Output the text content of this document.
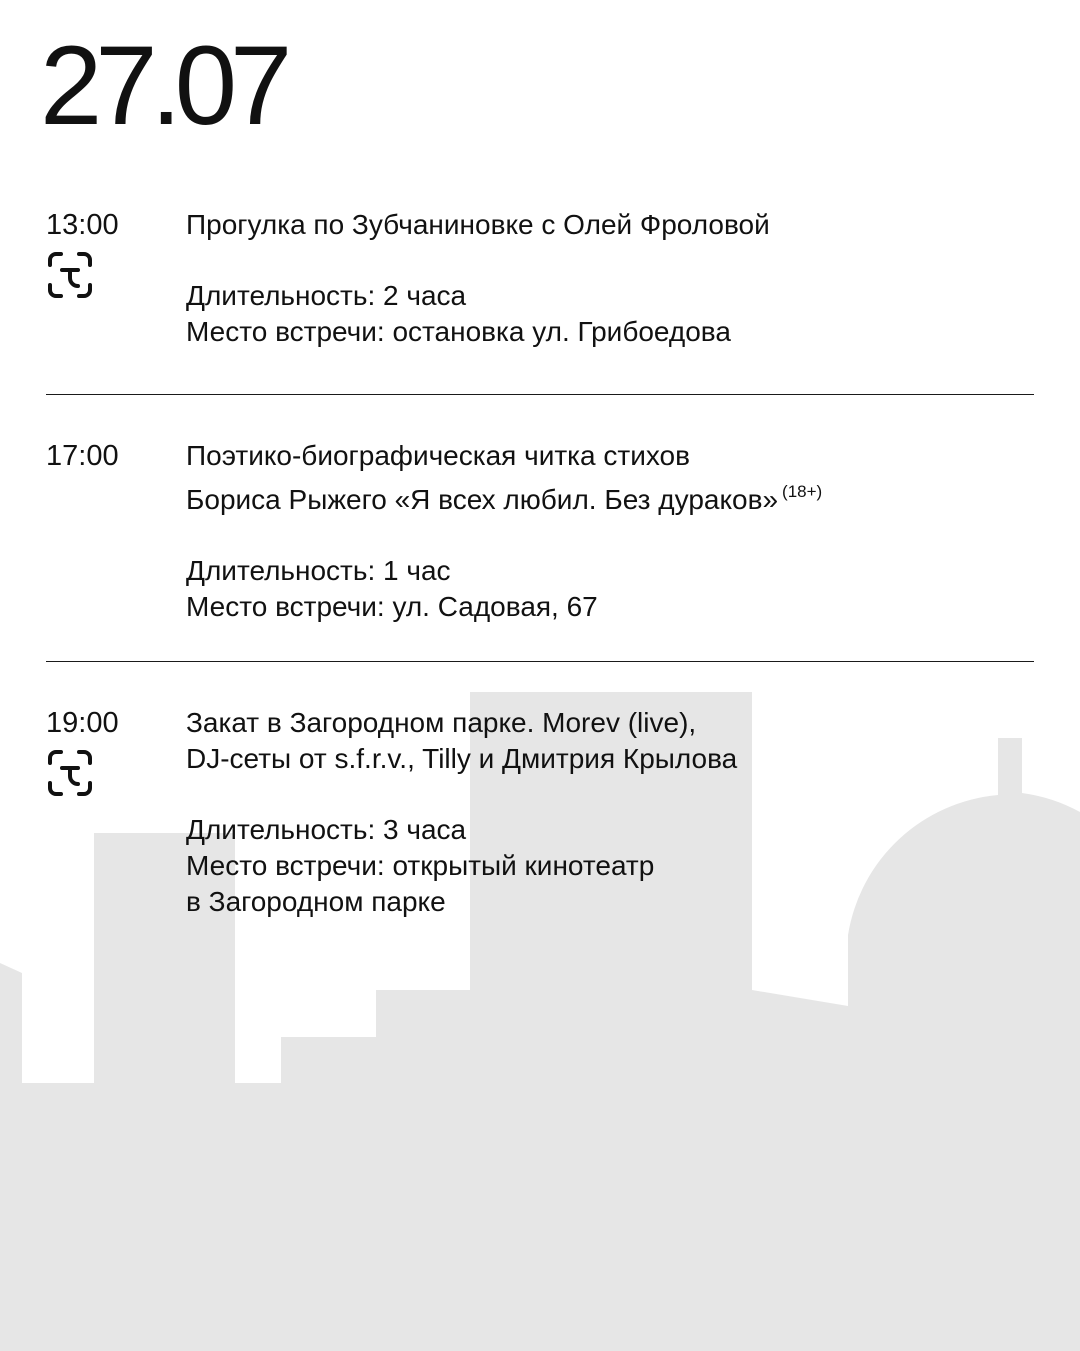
27.07
13:00 Прогулка по Зубчаниновке с Олей Фроловой

Длительность: 2 часа
Место встречи: остановка ул. Грибоедова
17:00 Поэтико-биографическая читка стихов
Бориса Рыжего «Я всех любил. Без дураков» $^{(18+)}$

Длительность: 1 час
Место встречи: ул. Садовая, 67
19:00 Закат в Загородном парке. Morev (live),
DJ-сеты от s.f.r.v., Tilly и Дмитрия Крылова

Длительность: 3 часа
Место встречи: открытый кинотеатр
в Загородном парке
